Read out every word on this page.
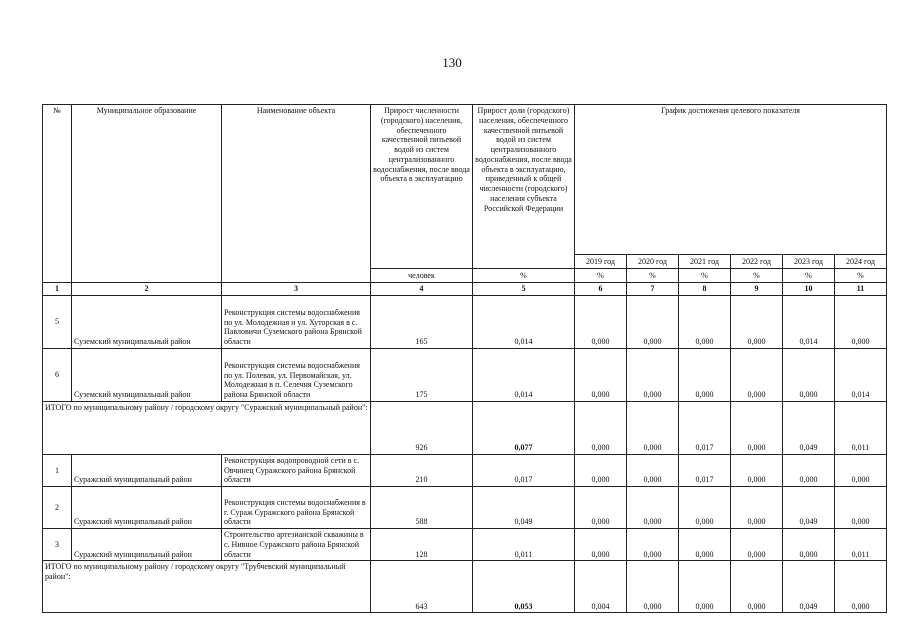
130
№	Муниципальное образование	Наименование объекта	Прирост численности (городского) населения, обеспеченного качественной питьевой водой из систем централизованного водоснабжения, после ввода объекта в эксплуатацию	Прирост доли (городского) населения, обеспеченного качественной питьевой водой из систем централизованного водоснабжения, после ввода объекта в эксплуатацию, приведенный к общей численности (городского) населения субъекта Российской Федерации	График достижения целевого показателя					
					2019 год	2020 год	2021 год	2022 год	2023 год	2024 год
			человек	%	%	%	%	%	%	%
1	2	3	4	5	6	7	8	9	10	11
5	Суземский муниципальный район	Реконструкция системы водоснабжения по ул. Молодежная и ул. Хуторская в с. Павловичи Суземского района Брянской области	165	0,014	0,000	0,000	0,000	0,000	0,014	0,000
6	Суземский муниципальный район	Реконструкция системы водоснабжения по ул. Полевая, ул. Первомайская, ул. Молодежная в п. Селечня Суземского района Брянской области	175	0,014	0,000	0,000	0,000	0,000	0,000	0,014
ИТОГО по муниципальному району / городскому округу "Суражский муниципальный район":			926	0,077	0,000	0,000	0,017	0,000	0,049	0,011
1	Суражский муниципальный район	Реконструкция водопроводной сети в с. Овчинец Суражского района Брянской области	210	0,017	0,000	0,000	0,017	0,000	0,000	0,000
2	Суражский муниципальный район	Реконструкция системы водоснабжения в г. Сураж Суражского района Брянской области	588	0,049	0,000	0,000	0,000	0,000	0,049	0,000
3	Суражский муниципальный район	Строительство артезианской скважины в с. Нивное Суражского района Брянской области	128	0,011	0,000	0,000	0,000	0,000	0,000	0,011
ИТОГО по муниципальному району / городскому округу "Трубчевский муниципальный район":			643	0,053	0,004	0,000	0,000	0,000	0,049	0,000
